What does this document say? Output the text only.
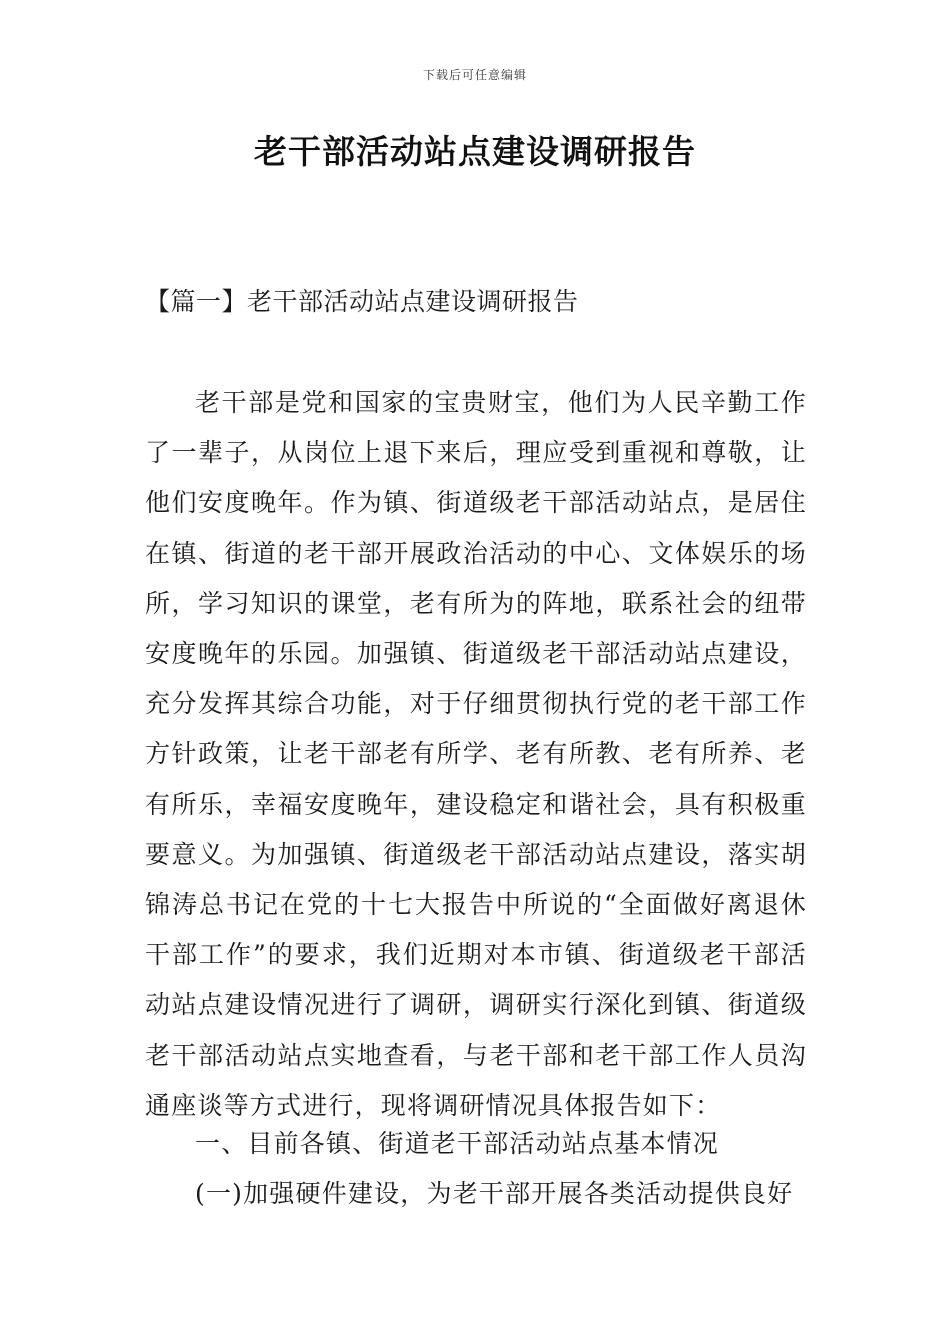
下载后可任意编辑
老干部活动站点建设调研报告
【篇一】老干部活动站点建设调研报告

老干部是党和国家的宝贵财宝，他们为人民辛勤工作了一辈子，从岗位上退下来后，理应受到重视和尊敬，让他们安度晚年。作为镇、街道级老干部活动站点，是居住在镇、街道的老干部开展政治活动的中心、文体娱乐的场所，学习知识的课堂，老有所为的阵地，联系社会的纽带安度晚年的乐园。加强镇、街道级老干部活动站点建设，充分发挥其综合功能，对于仔细贯彻执行党的老干部工作方针政策，让老干部老有所学、老有所教、老有所养、老有所乐，幸福安度晚年，建设稳定和谐社会，具有积极重要意义。为加强镇、街道级老干部活动站点建设，落实胡锦涛总书记在党的十七大报告中所说的“全面做好离退休干部工作”的要求，我们近期对本市镇、街道级老干部活动站点建设情况进行了调研，调研实行深化到镇、街道级老干部活动站点实地查看，与老干部和老干部工作人员沟通座谈等方式进行，现将调研情况具体报告如下：

一、目前各镇、街道老干部活动站点基本情况

(一)加强硬件建设，为老干部开展各类活动提供良好
